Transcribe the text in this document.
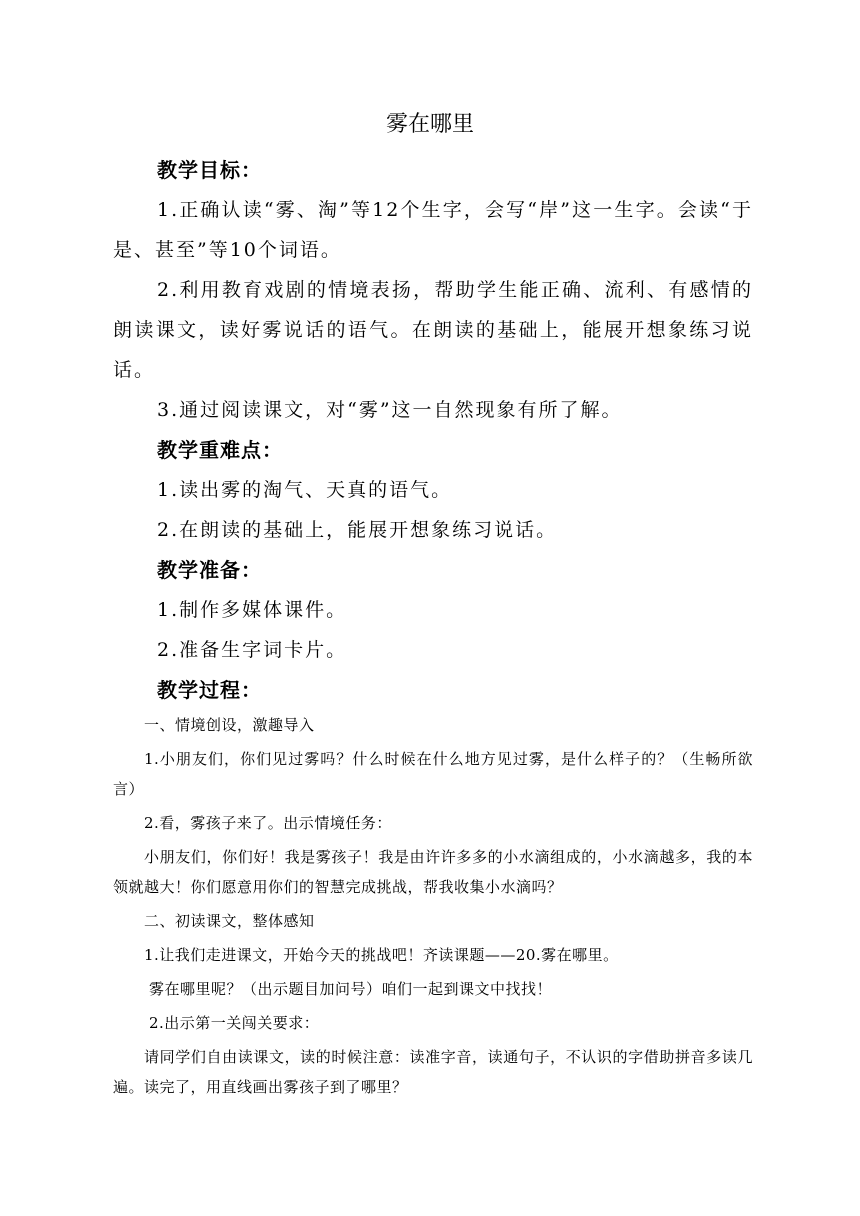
雾在哪里

教学目标：

1.正确认读“雾、淘”等12个生字，会写“岸”这一生字。会读“于是、甚至”等10个词语。

2.利用教育戏剧的情境表扬，帮助学生能正确、流利、有感情的朗读课文，读好雾说话的语气。在朗读的基础上，能展开想象练习说话。

3.通过阅读课文，对“雾”这一自然现象有所了解。

教学重难点：

1.读出雾的淘气、天真的语气。

2.在朗读的基础上，能展开想象练习说话。

教学准备：

1.制作多媒体课件。

2.准备生字词卡片。

教学过程：

一、情境创设，激趣导入

1.小朋友们，你们见过雾吗？什么时候在什么地方见过雾，是什么样子的？（生畅所欲言）

2.看，雾孩子来了。出示情境任务：

小朋友们，你们好！我是雾孩子！我是由许许多多的小水滴组成的，小水滴越多，我的本领就越大！你们愿意用你们的智慧完成挑战，帮我收集小水滴吗？

二、初读课文，整体感知

1.让我们走进课文，开始今天的挑战吧！齐读课题——20.雾在哪里。

雾在哪里呢？（出示题目加问号）咱们一起到课文中找找！

2.出示第一关闯关要求：

请同学们自由读课文，读的时候注意：读准字音，读通句子，不认识的字借助拼音多读几遍。读完了，用直线画出雾孩子到了哪里？
